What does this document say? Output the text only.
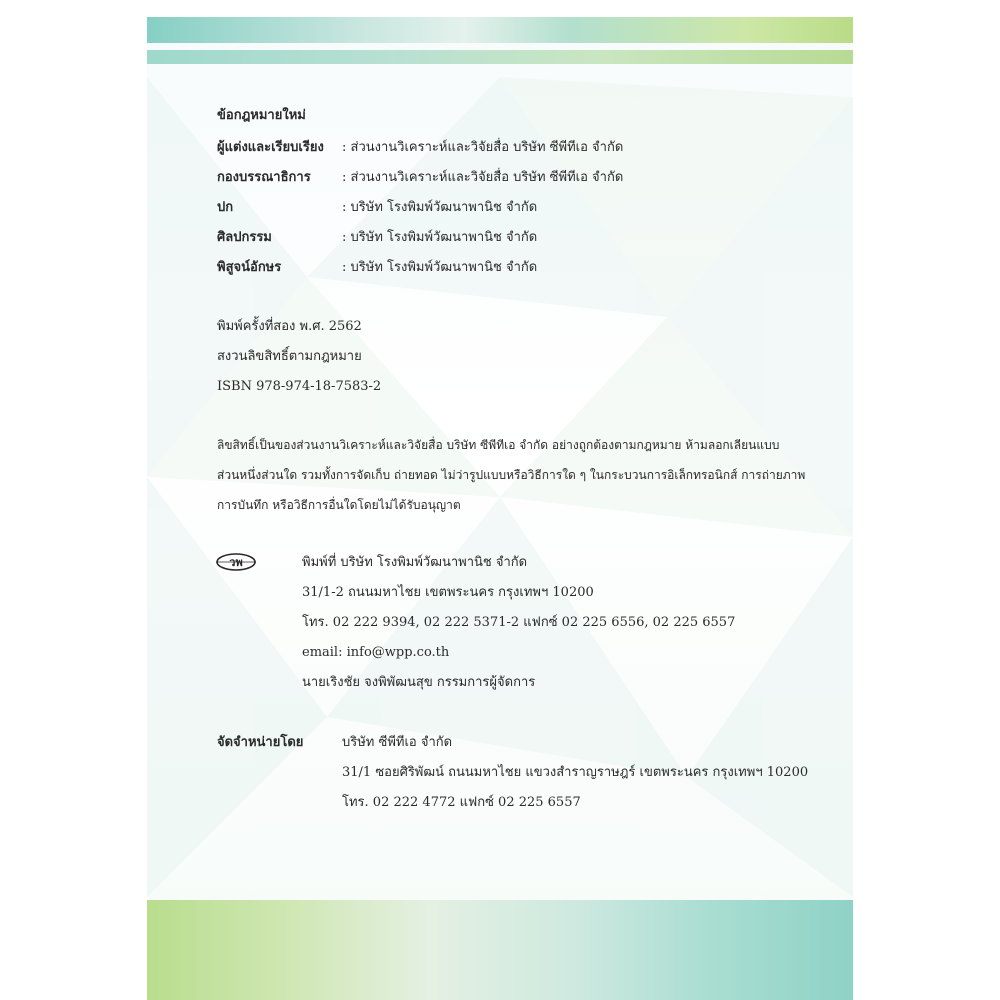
ข้อกฎหมายใหม่
ผู้แต่งและเรียบเรียง : ส่วนงานวิเคราะห์และวิจัยสื่อ บริษัท ซีพีทีเอ จำกัด
กองบรรณาธิการ : ส่วนงานวิเคราะห์และวิจัยสื่อ บริษัท ซีพีทีเอ จำกัด
ปก	: บริษัท โรงพิมพ์วัฒนาพานิช จำกัด
ศิลปกรรม	: บริษัท โรงพิมพ์วัฒนาพานิช จำกัด
พิสูจน์อักษร	: บริษัท โรงพิมพ์วัฒนาพานิช จำกัด
พิมพ์ครั้งที่สอง พ.ศ. 2562
สงวนลิขสิทธิ์ตามกฎหมาย
ISBN 978-974-18-7583-2
ลิขสิทธิ์เป็นของส่วนงานวิเคราะห์และวิจัยสื่อ บริษัท ซีพีทีเอ จำกัด อย่างถูกต้องตามกฎหมาย ห้ามลอกเลียนแบบ
ส่วนหนึ่งส่วนใด รวมทั้งการจัดเก็บ ถ่ายทอด ไม่ว่ารูปแบบหรือวิธีการใด ๆ ในกระบวนการอิเล็กทรอนิกส์ การถ่ายภาพ
การบันทึก หรือวิธีการอื่นใดโดยไม่ได้รับอนุญาต
วพ	พิมพ์ที่ บริษัท โรงพิมพ์วัฒนาพานิช จำกัด
31/1-2 ถนนมหาไชย เขตพระนคร กรุงเทพฯ 10200
โทร. 02 222 9394, 02 222 5371-2 แฟกซ์ 02 225 6556, 02 225 6557
email: info@wpp.co.th
นายเริงชัย จงพิพัฒนสุข กรรมการผู้จัดการ
จัดจำหน่ายโดย	บริษัท ซีพีทีเอ จำกัด
31/1 ซอยศิริพัฒน์ ถนนมหาไชย แขวงสำราญราษฎร์ เขตพระนคร กรุงเทพฯ 10200
โทร. 02 222 4772 แฟกซ์ 02 225 6557
